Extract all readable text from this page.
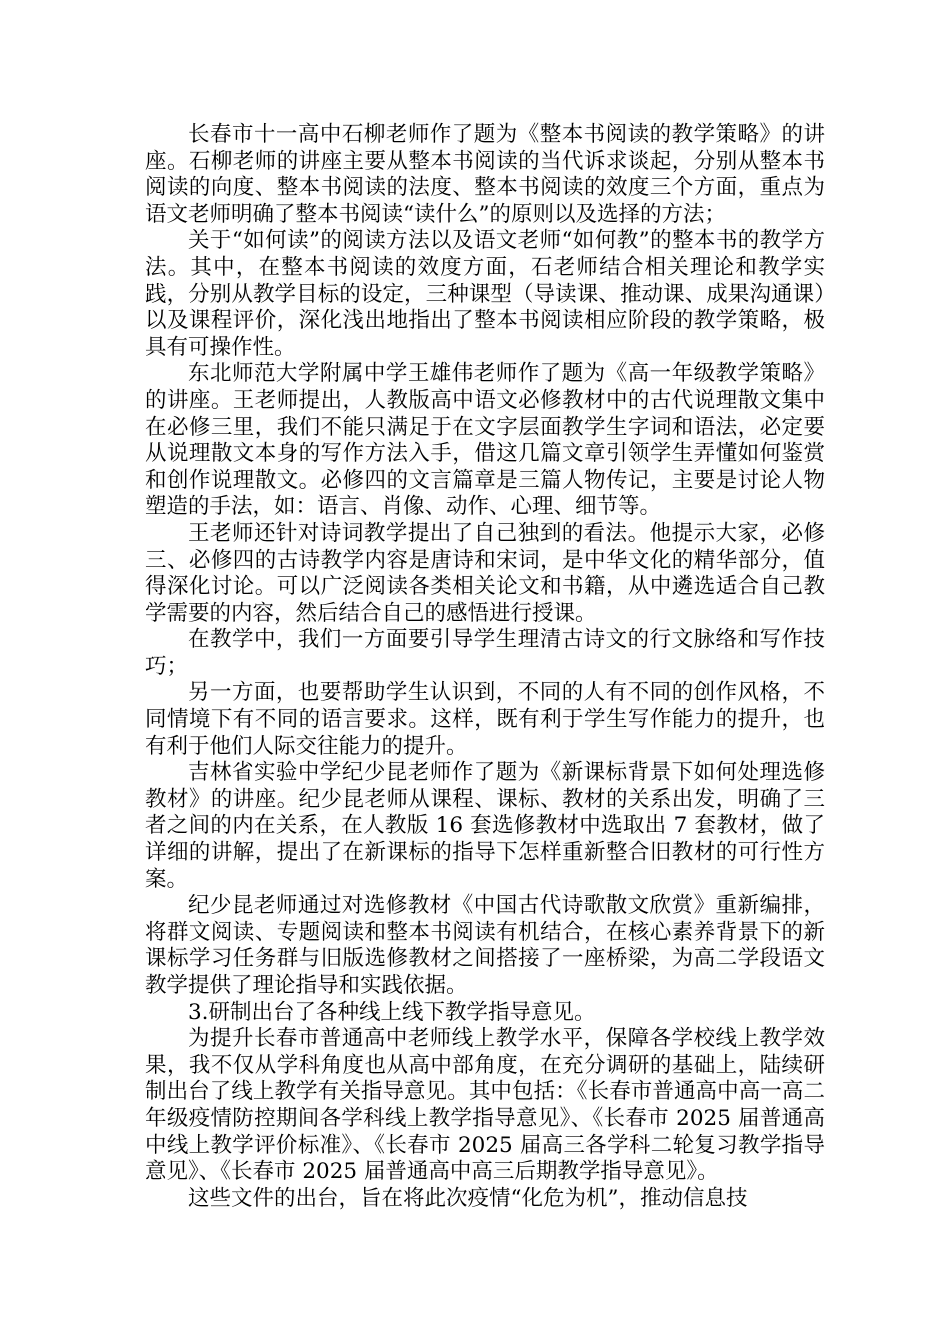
长春市十一高中石柳老师作了题为《整本书阅读的教学策略》的讲座。石柳老师的讲座主要从整本书阅读的当代诉求谈起，分别从整本书阅读的向度、整本书阅读的法度、整本书阅读的效度三个方面，重点为语文老师明确了整本书阅读“读什么”的原则以及选择的方法；

关于“如何读”的阅读方法以及语文老师“如何教”的整本书的教学方法。其中，在整本书阅读的效度方面，石老师结合相关理论和教学实践，分别从教学目标的设定，三种课型（导读课、推动课、成果沟通课）以及课程评价，深化浅出地指出了整本书阅读相应阶段的教学策略，极具有可操作性。

东北师范大学附属中学王雄伟老师作了题为《高一年级教学策略》的讲座。王老师提出，人教版高中语文必修教材中的古代说理散文集中在必修三里，我们不能只满足于在文字层面教学生字词和语法，必定要从说理散文本身的写作方法入手，借这几篇文章引领学生弄懂如何鉴赏和创作说理散文。必修四的文言篇章是三篇人物传记，主要是讨论人物塑造的手法，如：语言、肖像、动作、心理、细节等。

王老师还针对诗词教学提出了自己独到的看法。他提示大家，必修三、必修四的古诗教学内容是唐诗和宋词，是中华文化的精华部分，值得深化讨论。可以广泛阅读各类相关论文和书籍，从中遴选适合自己教学需要的内容，然后结合自己的感悟进行授课。

在教学中，我们一方面要引导学生理清古诗文的行文脉络和写作技巧；

另一方面，也要帮助学生认识到，不同的人有不同的创作风格，不同情境下有不同的语言要求。这样，既有利于学生写作能力的提升，也有利于他们人际交往能力的提升。

吉林省实验中学纪少昆老师作了题为《新课标背景下如何处理选修教材》的讲座。纪少昆老师从课程、课标、教材的关系出发，明确了三者之间的内在关系，在人教版 16 套选修教材中选取出 7 套教材，做了详细的讲解，提出了在新课标的指导下怎样重新整合旧教材的可行性方案。

纪少昆老师通过对选修教材《中国古代诗歌散文欣赏》重新编排，将群文阅读、专题阅读和整本书阅读有机结合，在核心素养背景下的新课标学习任务群与旧版选修教材之间搭接了一座桥梁，为高二学段语文教学提供了理论指导和实践依据。

3.研制出台了各种线上线下教学指导意见。

为提升长春市普通高中老师线上教学水平，保障各学校线上教学效果，我不仅从学科角度也从高中部角度，在充分调研的基础上，陆续研制出台了线上教学有关指导意见。其中包括：《长春市普通高中高一高二年级疫情防控期间各学科线上教学指导意见》、《长春市 2025 届普通高中线上教学评价标准》、《长春市 2025 届高三各学科二轮复习教学指导意见》、《长春市 2025 届普通高中高三后期教学指导意见》。

这些文件的出台，旨在将此次疫情“化危为机”，推动信息技
